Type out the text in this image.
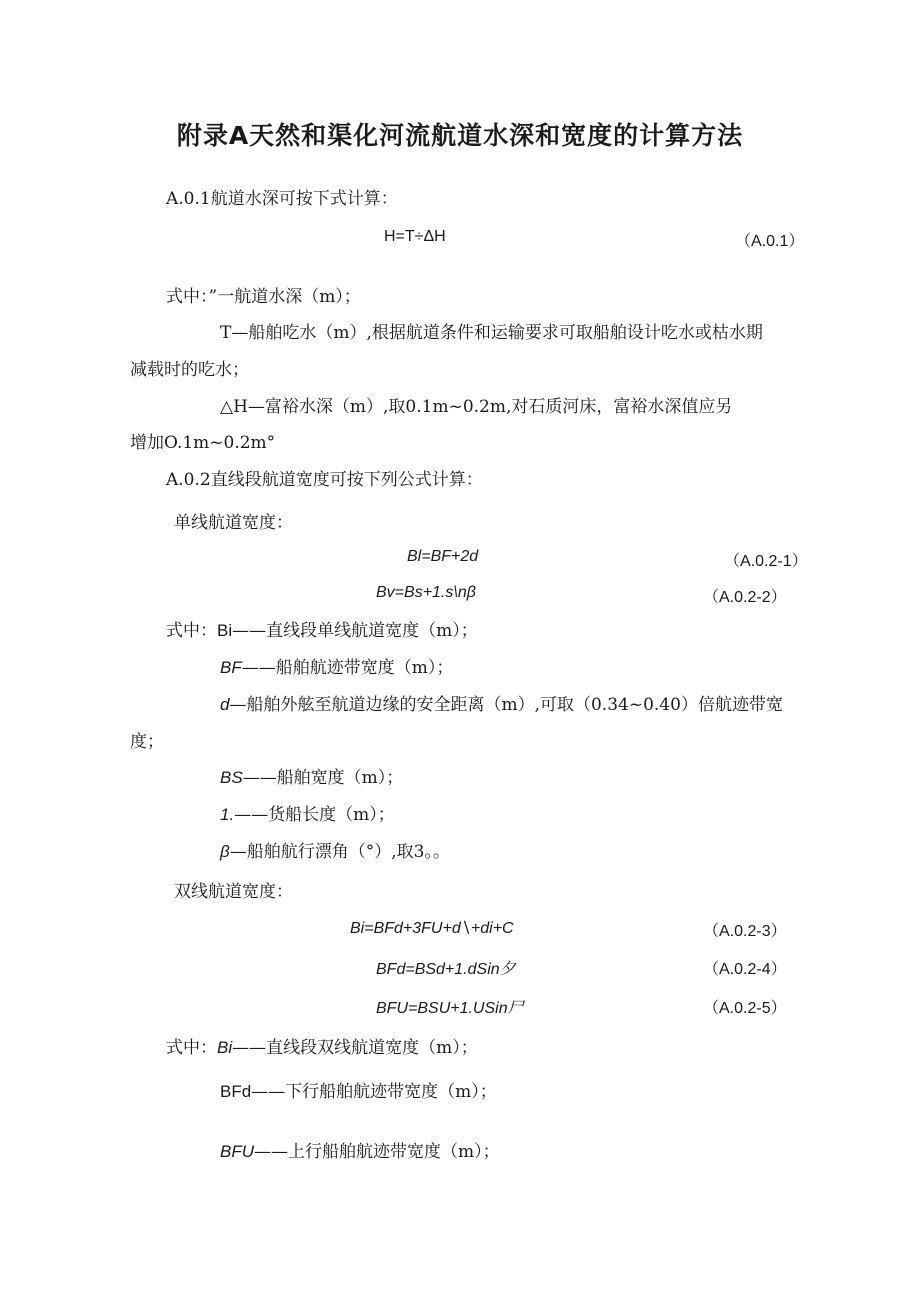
附录A天然和渠化河流航道水深和宽度的计算方法
A.0.1航道水深可按下式计算：
H=T÷ΔH	（A.0.1）
式中：”一航道水深（m）；
T—船舶吃水（m）,根据航道条件和运输要求可取船舶设计吃水或枯水期
减载时的吃水；
△H—富裕水深（m）,取0.1m~0.2m,对石质河床，富裕水深值应另
增加O.1m~0.2m°
A.0.2直线段航道宽度可按下列公式计算：
单线航道宽度：
Bl=BF+2d	（A.0.2-1）
Bv=Bs+1.s\nβ	（A.0.2-2）
式中：Bi——直线段单线航道宽度（m）；
BF——船舶航迹带宽度（m）；
d—船舶外舷至航道边缘的安全距离（m）,可取（0.34~0.40）倍航迹带宽
度；
BS——船舶宽度（m）；
1.——货船长度（m）；
β—船舶航行漂角（°）,取3。。
双线航道宽度：
Bi=BFd+3FU+d∖+di+C	（A.0.2-3）
BFd=BSd+1.dSin夕	（A.0.2-4）
BFU=BSU+1.USin尸	（A.0.2-5）
式中：Bi——直线段双线航道宽度（m）；
BFd——下行船舶航迹带宽度（m）；
BFU——上行船舶航迹带宽度（m）；
